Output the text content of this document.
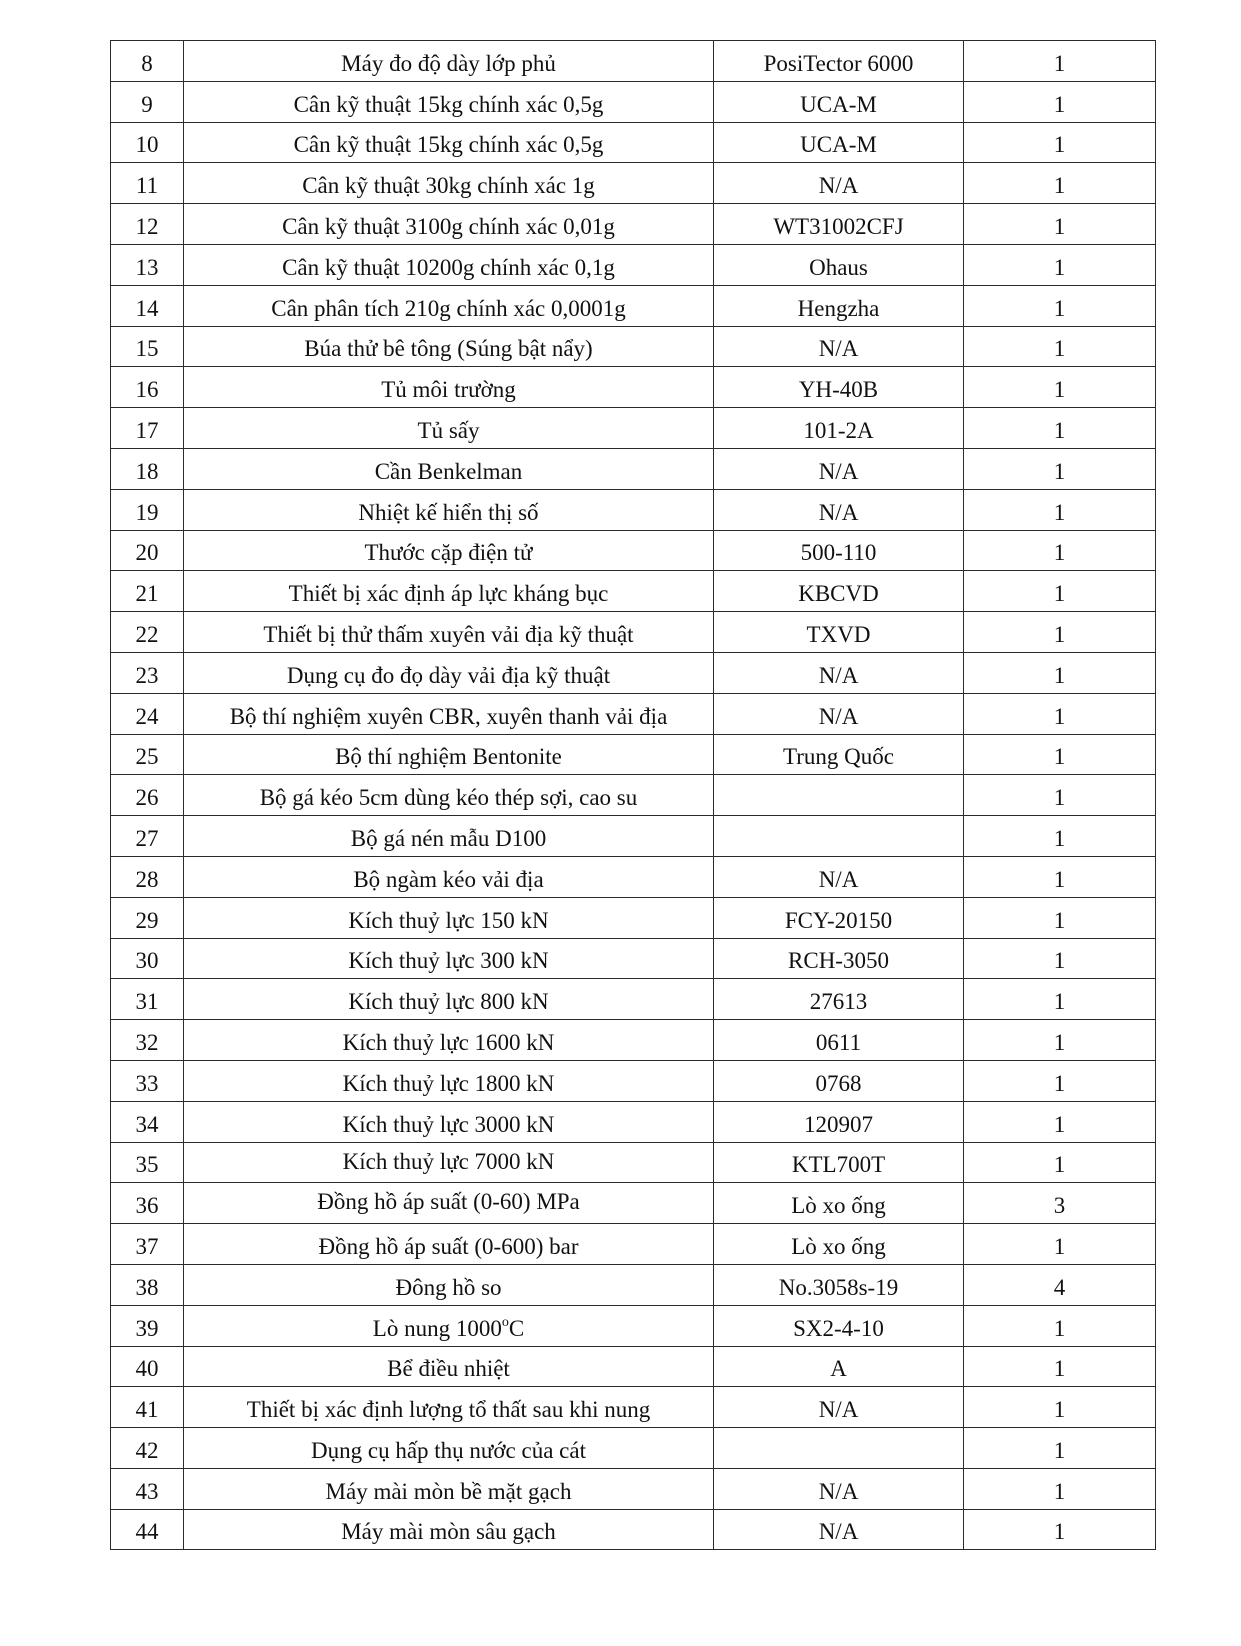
8	Máy đo độ dày lớp phủ	PosiTector 6000	1
9	Cân kỹ thuật 15kg chính xác 0,5g	UCA-M	1
10	Cân kỹ thuật 15kg chính xác 0,5g	UCA-M	1
11	Cân kỹ thuật 30kg chính xác 1g	N/A	1
12	Cân kỹ thuật 3100g chính xác 0,01g	WT31002CFJ	1
13	Cân kỹ thuật 10200g chính xác 0,1g	Ohaus	1
14	Cân phân tích 210g chính xác 0,0001g	Hengzha	1
15	Búa thử bê tông (Súng bật nẩy)	N/A	1
16	Tủ môi trường	YH-40B	1
17	Tủ sấy	101-2A	1
18	Cần Benkelman	N/A	1
19	Nhiệt kế hiển thị số	N/A	1
20	Thước cặp điện tử	500-110	1
21	Thiết bị xác định áp lực kháng bục	KBCVD	1
22	Thiết bị thử thấm xuyên vải địa kỹ thuật	TXVD	1
23	Dụng cụ đo đọ dày vải địa kỹ thuật	N/A	1
24	Bộ thí nghiệm xuyên CBR, xuyên thanh vải địa	N/A	1
25	Bộ thí nghiệm Bentonite	Trung Quốc	1
26	Bộ gá kéo 5cm dùng kéo thép sợi, cao su		1
27	Bộ gá nén mẫu D100		1
28	Bộ ngàm kéo vải địa	N/A	1
29	Kích thuỷ lực 150 kN	FCY-20150	1
30	Kích thuỷ lực 300 kN	RCH-3050	1
31	Kích thuỷ lực 800 kN	27613	1
32	Kích thuỷ lực 1600 kN	0611	1
33	Kích thuỷ lực 1800 kN	0768	1
34	Kích thuỷ lực 3000 kN	120907	1
35	Kích thuỷ lực 7000 kN	KTL700T	1
36	Đồng hồ áp suất (0-60) MPa	Lò xo ống	3
37	Đồng hồ áp suất (0-600) bar	Lò xo ống	1
38	Đông hồ so	No.3058s-19	4
39	Lò nung 1000$^o$C	SX2-4-10	1
40	Bể điều nhiệt	A	1
41	Thiết bị xác định lượng tổ thất sau khi nung	N/A	1
42	Dụng cụ hấp thụ nước của cát		1
43	Máy mài mòn bề mặt gạch	N/A	1
44	Máy mài mòn sâu gạch	N/A	1
